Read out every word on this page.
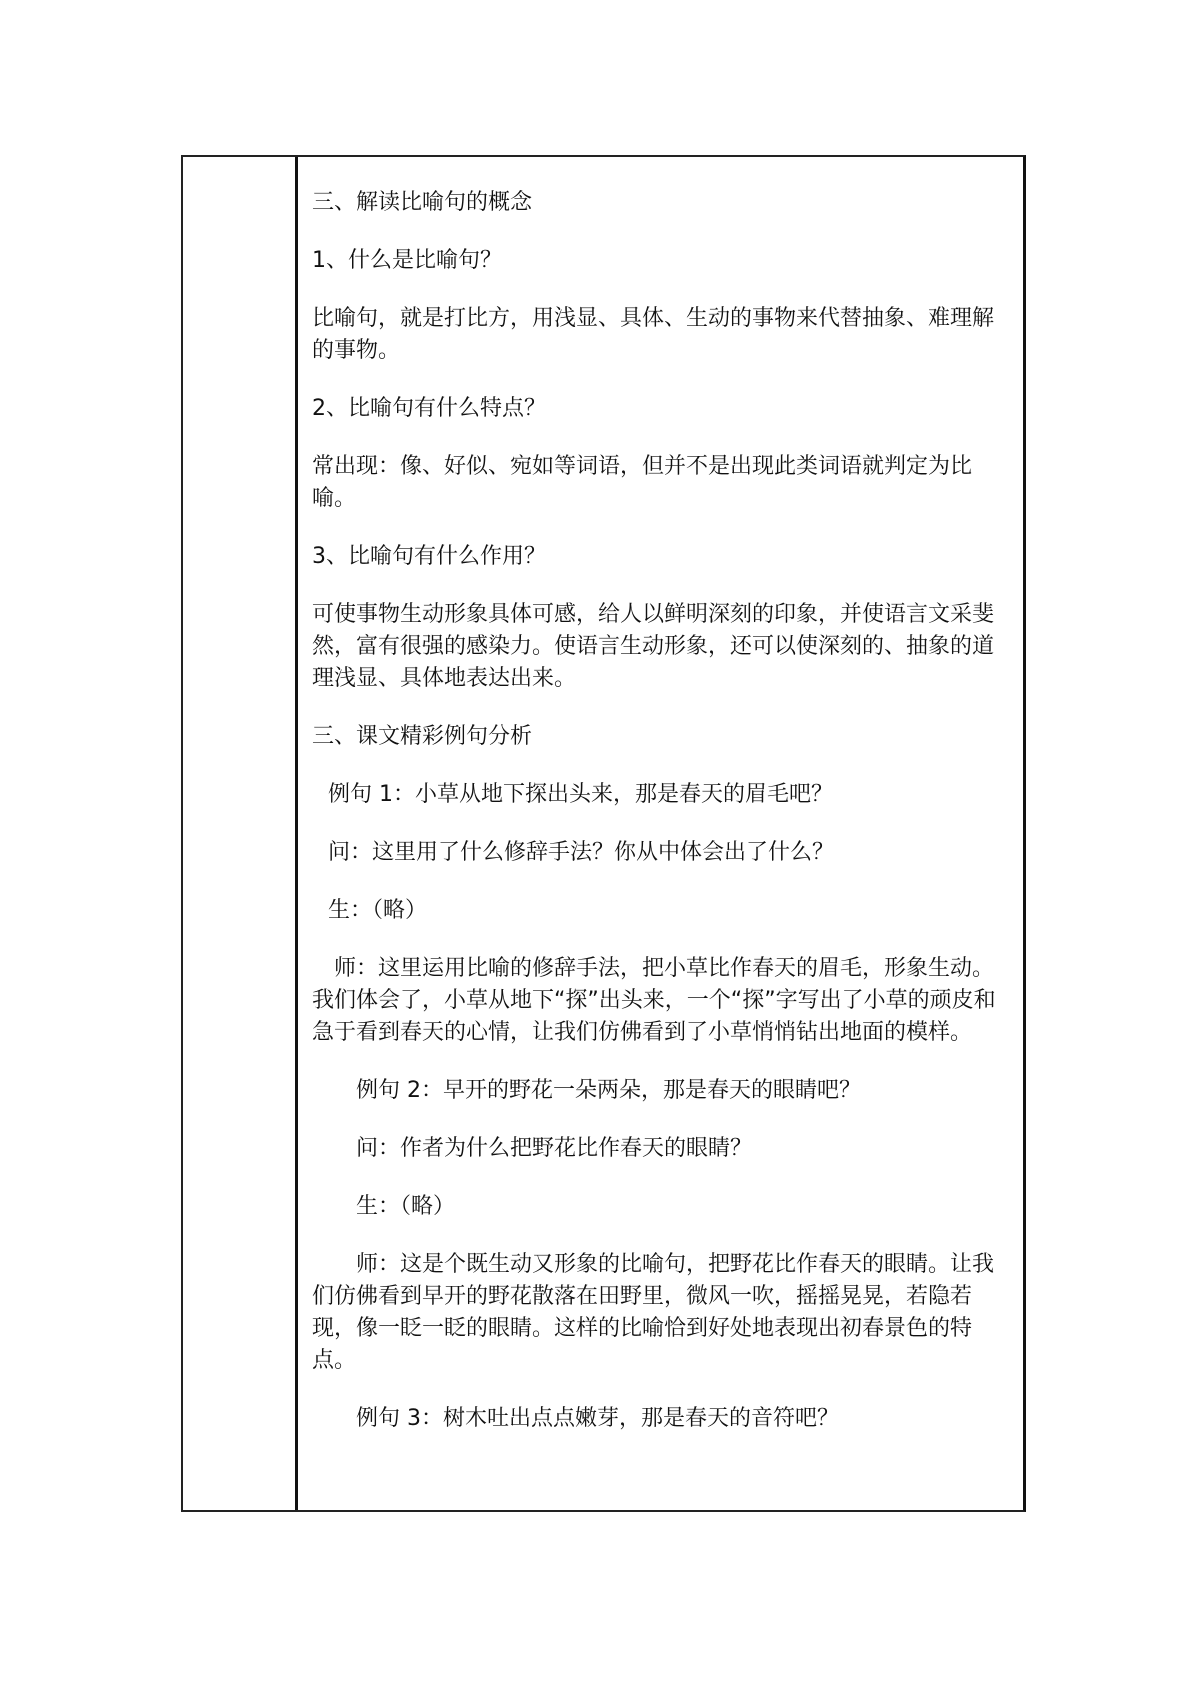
三、解读比喻句的概念

1、什么是比喻句？

比喻句，就是打比方，用浅显、具体、生动的事物来代替抽象、难理解的事物。

2、比喻句有什么特点？

常出现：像、好似、宛如等词语，但并不是出现此类词语就判定为比喻。

3、比喻句有什么作用？

可使事物生动形象具体可感，给人以鲜明深刻的印象，并使语言文采斐然，富有很强的感染力。使语言生动形象，还可以使深刻的、抽象的道理浅显、具体地表达出来。

三、课文精彩例句分析

例句 1：小草从地下探出头来，那是春天的眉毛吧？

问：这里用了什么修辞手法？你从中体会出了什么？

生：（略）

师：这里运用比喻的修辞手法，把小草比作春天的眉毛，形象生动。我们体会了，小草从地下“探”出头来，一个“探”字写出了小草的顽皮和急于看到春天的心情，让我们仿佛看到了小草悄悄钻出地面的模样。

例句 2：早开的野花一朵两朵，那是春天的眼睛吧？

问：作者为什么把野花比作春天的眼睛？

生：（略）

师：这是个既生动又形象的比喻句，把野花比作春天的眼睛。让我们仿佛看到早开的野花散落在田野里，微风一吹，摇摇晃晃，若隐若现，像一眨一眨的眼睛。这样的比喻恰到好处地表现出初春景色的特点。

例句 3：树木吐出点点嫩芽，那是春天的音符吧？
